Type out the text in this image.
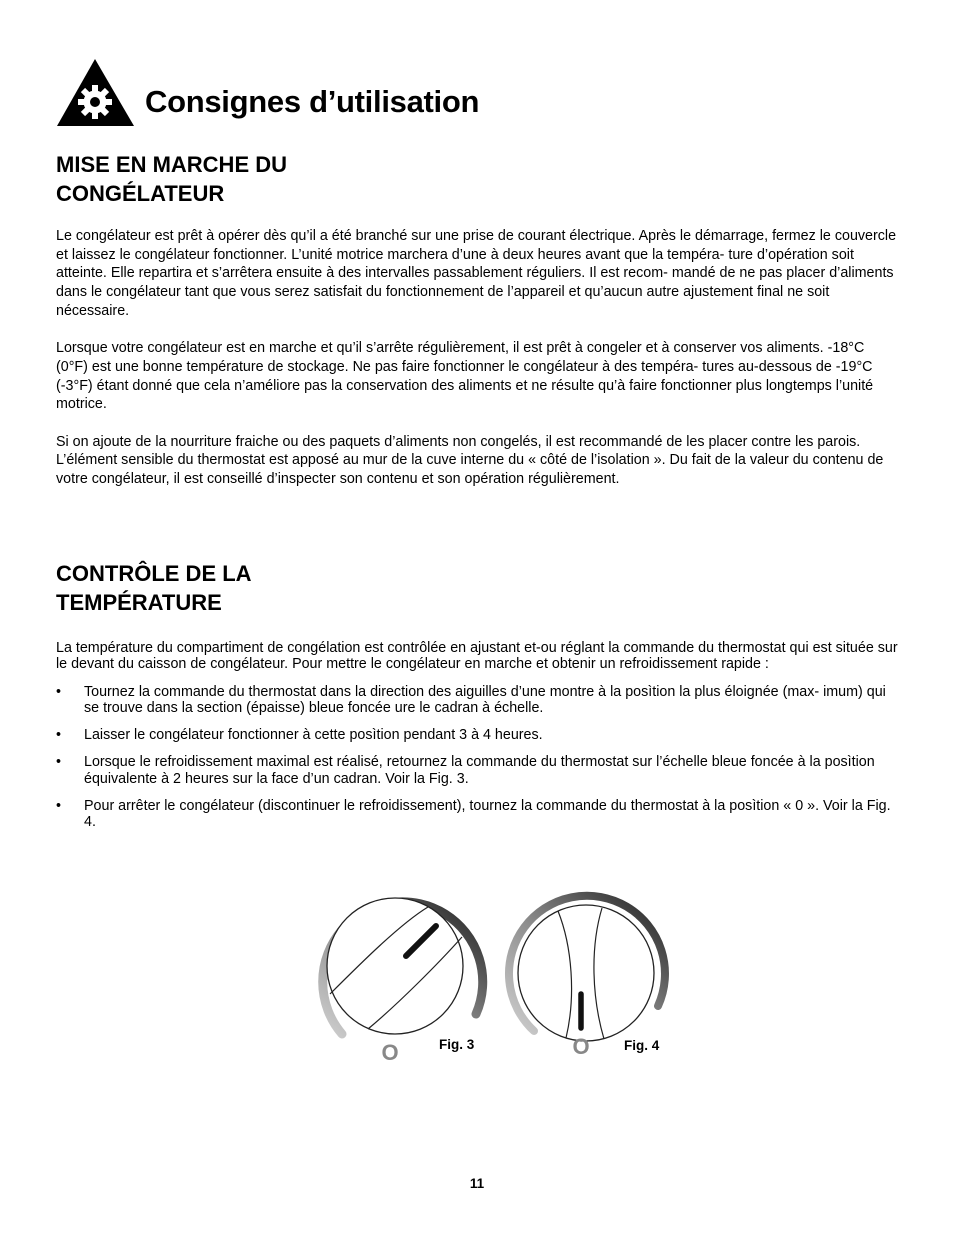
Consignes d’utilisation
MISE EN MARCHE DU
CONGÉLATEUR

Le congélateur est prêt à opérer dès qu’il a été branché sur une prise de courant électrique. Après le démarrage, fermez le couvercle et laissez le congélateur fonctionner. L’unité motrice marchera d’une à deux heures avant que la tempéra- ture d’opération soit atteinte. Elle repartira et s’arrêtera ensuite à des intervalles passablement réguliers. Il est recom- mandé de ne pas placer d’aliments dans le congélateur tant que vous serez satisfait du fonctionnement de l’appareil et qu’aucun autre ajustement final ne soit nécessaire.

Lorsque votre congélateur est en marche et qu’il s’arrête régulièrement, il est prêt à congeler et à conserver vos aliments. -18°C (0°F) est une bonne température de stockage. Ne pas faire fonctionner le congélateur à des tempéra- tures au-dessous de -19°C (-3°F) étant donné que cela n’améliore pas la conservation des aliments et ne résulte qu’à faire fonctionner plus longtemps l’unité motrice.

Si on ajoute de la nourriture fraiche ou des paquets d’aliments non congelés, il est recommandé de les placer contre les parois. L’élément sensible du thermostat est apposé au mur de la cuve interne du « côté de l’isolation ». Du fait de la valeur du contenu de votre congélateur, il est conseillé d’inspecter son contenu et son opération régulièrement.

CONTRÔLE DE LA
TEMPÉRATURE

La température du compartiment de congélation est contrôlée en ajustant et-ou réglant la commande du thermostat qui est située sur le devant du caisson de congélateur. Pour mettre le congélateur en marche et obtenir un refroidissement rapide :

• Tournez la commande du thermostat dans la direction des aiguilles d’une montre à la posìtion la plus éloignée (max- imum) qui se trouve dans la section (épaisse) bleue foncée ure le cadran à échelle.
• Laisser le congélateur fonctionner à cette posìtion pendant 3 à 4 heures.
• Lorsque le refroidissement maximal est réalisé, retournez la commande du thermostat sur l’échelle bleue foncée à la posìtion équivalente à 2 heures sur la face d’un cadran. Voir la Fig. 3.
• Pour arrêter le congélateur (discontinuer le refroidissement), tournez la commande du thermostat à la posìtion « 0 ». Voir la Fig. 4.
O	O
Fig. 3	Fig. 4
11
